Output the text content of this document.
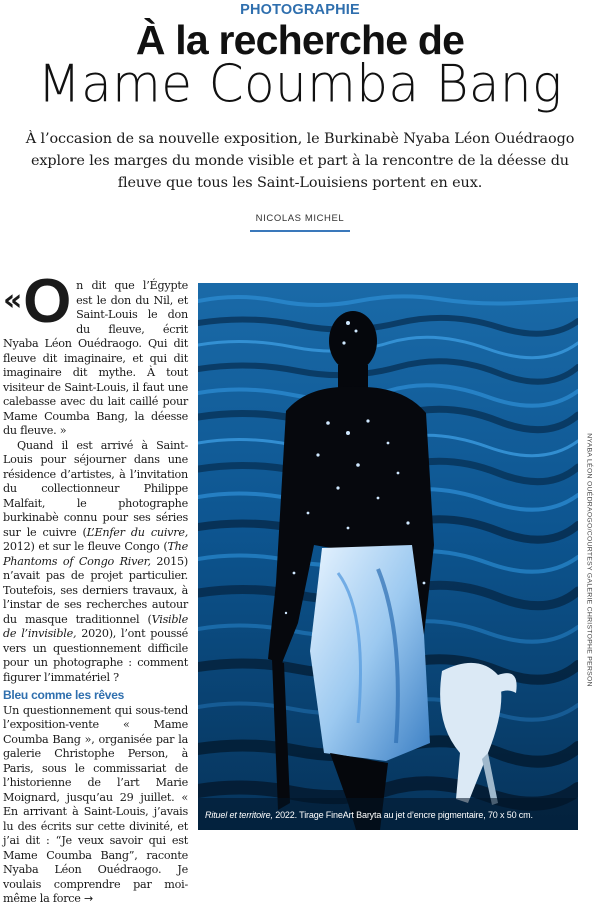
PHOTOGRAPHIE
À la recherche de
Mame Coumba Bang
À l’occasion de sa nouvelle exposition, le Burkinabè Nyaba Léon Ouédraogo explore les marges du monde visible et part à la rencontre de la déesse du fleuve que tous les Saint-Louisiens portent en eux.
NICOLAS MICHEL

« O n dit que l’Égypte est le don du Nil, et Saint-Louis le don du fleuve, écrit Nyaba Léon Ouédraogo. Qui dit fleuve dit imaginaire, et qui dit imaginaire dit mythe. À tout visiteur de Saint-Louis, il faut une calebasse avec du lait caillé pour Mame Coumba Bang, la déesse du fleuve. »

Quand il est arrivé à Saint-Louis pour séjourner dans une résidence d’artistes, à l’invitation du collectionneur Philippe Malfait, le photographe burkinabè connu pour ses séries sur le cuivre (L’Enfer du cuivre, 2012) et sur le fleuve Congo (The Phantoms of Congo River, 2015) n’avait pas de projet particulier. Toutefois, ses derniers travaux, à l’instar de ses recherches autour du masque traditionnel (Visible de l’invisible, 2020), l’ont poussé vers un questionnement difficile pour un photographe : comment figurer l’immatériel ?

Bleu comme les rêves

Un questionnement qui sous-tend l’exposition-vente « Mame Coumba Bang », organisée par la galerie Christophe Person, à Paris, sous le commissariat de l’historienne de l’art Marie Moignard, jusqu’au 29 juillet. « En arrivant à Saint-Louis, j’avais lu des écrits sur cette divinité, et j’ai dit : “Je veux savoir qui est Mame Coumba Bang”, raconte Nyaba Léon Ouédraogo. Je voulais comprendre par moi-même la force →

Rituel et territoire, 2022. Tirage FineArt Baryta au jet d’encre pigmentaire, 70 x 50 cm.
NYABA LÉON OUÉDRAOGO/COURTESY GALERIE CHRISTOPHE PERSON
